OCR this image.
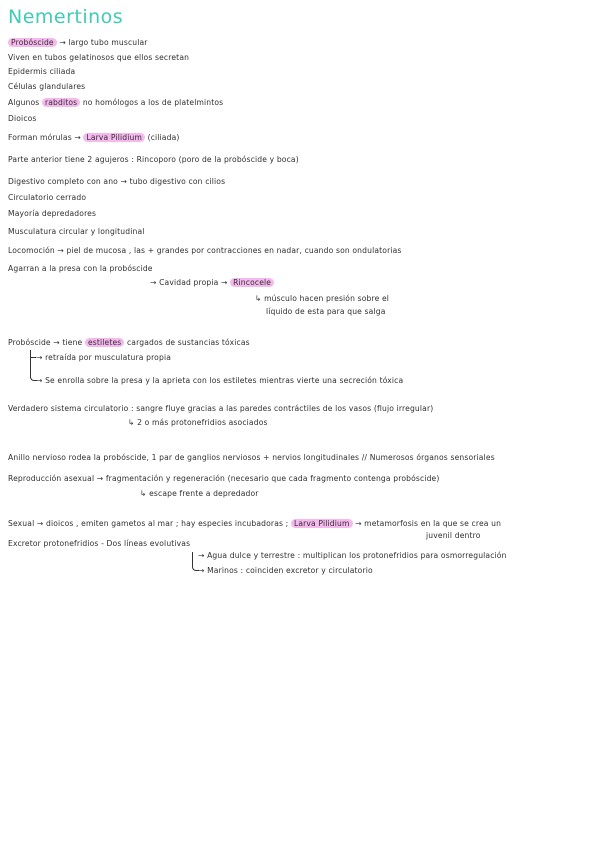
Nemertinos
Probóscide → largo tubo muscular
Viven en tubos gelatinosos que ellos secretan
Epidermis ciliada
Células glandulares
Algunos rabditos no homólogos a los de platelmintos
Dioicos
Forman mórulas → Larva Pilidium (ciliada)
Parte anterior tiene 2 agujeros : Rincoporo (poro de la probóscide y boca)
Digestivo completo con ano → tubo digestivo con cilios
Circulatorio cerrado
Mayoría depredadores
Musculatura circular y longitudinal
Locomoción → piel de mucosa , las + grandes por contracciones en nadar, cuando son ondulatorias
Agarran a la presa con la probóscide
→ Cavidad propia → Rincocele
↳ músculo hacen presión sobre el
líquido de esta para que salga
Probóscide → tiene estiletes cargados de sustancias tóxicas
→ retraída por musculatura propia
→ Se enrolla sobre la presa y la aprieta con los estiletes mientras vierte una secreción tóxica
Verdadero sistema circulatorio : sangre fluye gracias a las paredes contráctiles de los vasos (flujo irregular)
↳ 2 o más protonefridios asociados
Anillo nervioso rodea la probóscide, 1 par de ganglios nerviosos + nervios longitudinales // Numerosos órganos sensoriales
Reproducción asexual → fragmentación y regeneración (necesario que cada fragmento contenga probóscide)
↳ escape frente a depredador
Sexual → dioicos , emiten gametos al mar ; hay especies incubadoras ; Larva Pilidium → metamorfosis en la que se crea un
juvenil dentro
Excretor protonefridios - Dos líneas evolutivas
→ Agua dulce y terrestre : multiplican los protonefridios para osmorregulación
→ Marinos : coinciden excretor y circulatorio
